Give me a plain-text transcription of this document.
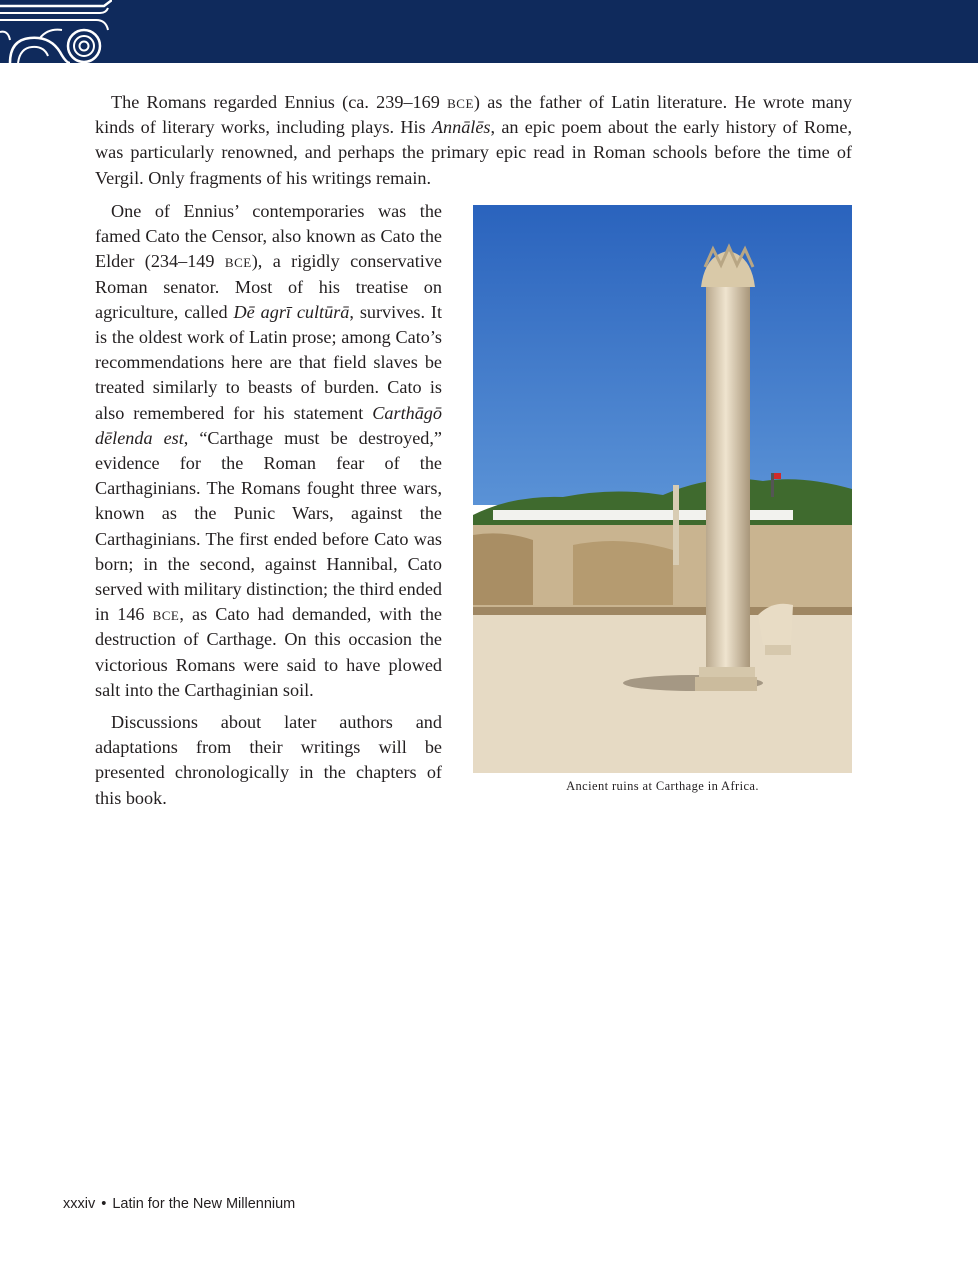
The Romans regarded Ennius (ca. 239–169 bce) as the father of Latin literature. He wrote many kinds of literary works, including plays. His Annālēs, an epic poem about the early history of Rome, was particularly renowned, and perhaps the primary epic read in Roman schools before the time of Vergil. Only fragments of his writings remain.

One of Ennius’ contemporaries was the famed Cato the Censor, also known as Cato the Elder (234–149 bce), a rigidly conservative Roman senator. Most of his treatise on agriculture, called Dē agrī cultūrā, survives. It is the oldest work of Latin prose; among Cato’s recommendations here are that field slaves be treated similarly to beasts of burden. Cato is also remembered for his statement Carthāgō dēlenda est, “Carthage must be destroyed,” evidence for the Roman fear of the Carthaginians. The Romans fought three wars, known as the Punic Wars, against the Carthaginians. The first ended before Cato was born; in the second, against Hannibal, Cato served with military distinction; the third ended in 146 bce, as Cato had demanded, with the destruction of Carthage. On this occasion the victorious Romans were said to have plowed salt into the Carthaginian soil.

Discussions about later authors and adaptations from their writings will be presented chronologically in the chapters of this book.

Ancient ruins at Carthage in Africa.
xxxiv • Latin for the New Millennium
